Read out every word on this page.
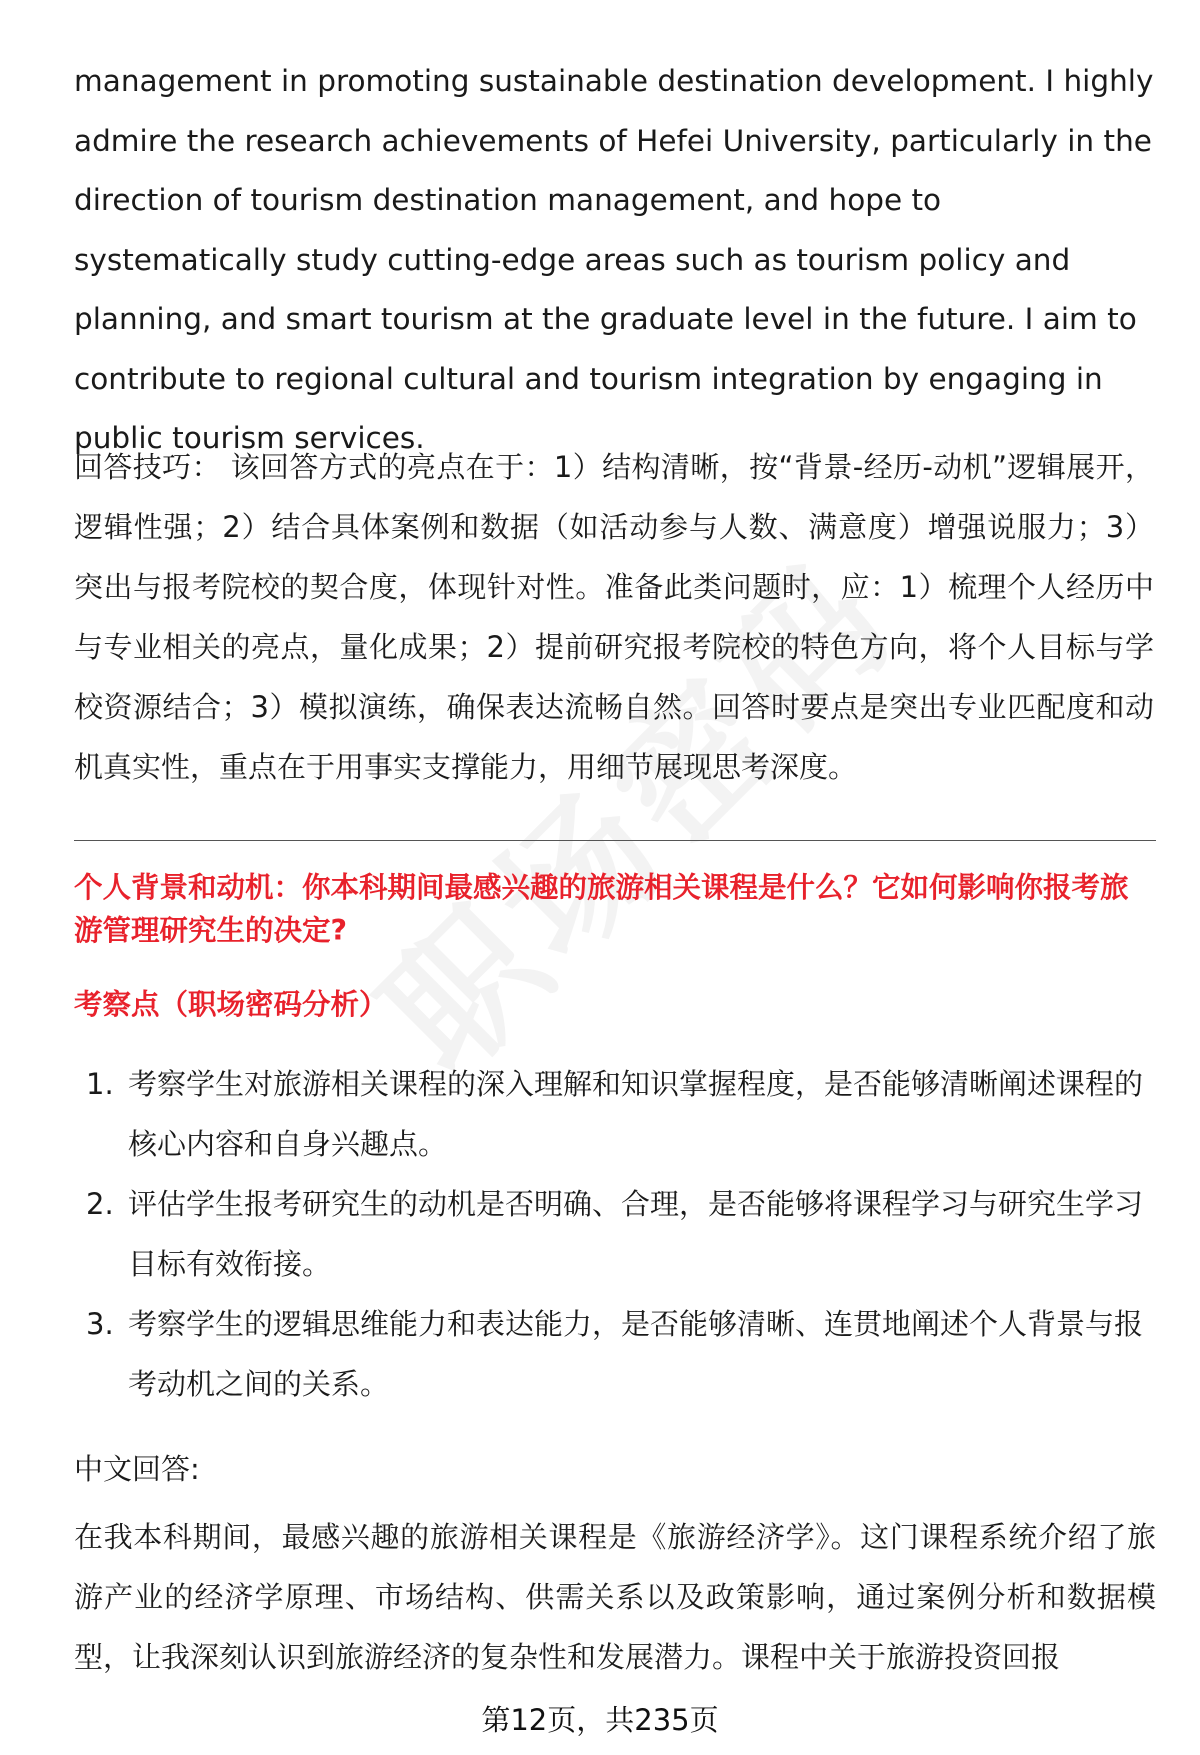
management in promoting sustainable destination development. I highly admire the research achievements of Hefei University, particularly in the direction of tourism destination management, and hope to systematically study cutting-edge areas such as tourism policy and planning, and smart tourism at the graduate level in the future. I aim to contribute to regional cultural and tourism integration by engaging in public tourism services.

回答技巧： 该回答方式的亮点在于：1）结构清晰，按“背景-经历-动机”逻辑展开，逻辑性强；2）结合具体案例和数据（如活动参与人数、满意度）增强说服力；3）突出与报考院校的契合度，体现针对性。准备此类问题时，应：1）梳理个人经历中与专业相关的亮点，量化成果；2）提前研究报考院校的特色方向，将个人目标与学校资源结合；3）模拟演练，确保表达流畅自然。回答时要点是突出专业匹配度和动机真实性，重点在于用事实支撑能力，用细节展现思考深度。

个人背景和动机：你本科期间最感兴趣的旅游相关课程是什么？它如何影响你报考旅游管理研究生的决定?

考察点（职场密码分析）

1. 考察学生对旅游相关课程的深入理解和知识掌握程度，是否能够清晰阐述课程的核心内容和自身兴趣点。
2. 评估学生报考研究生的动机是否明确、合理，是否能够将课程学习与研究生学习目标有效衔接。
3. 考察学生的逻辑思维能力和表达能力，是否能够清晰、连贯地阐述个人背景与报考动机之间的关系。

中文回答:

在我本科期间，最感兴趣的旅游相关课程是《旅游经济学》。这门课程系统介绍了旅游产业的经济学原理、市场结构、供需关系以及政策影响，通过案例分析和数据模型，让我深刻认识到旅游经济的复杂性和发展潜力。课程中关于旅游投资回报

第12页，共235页
